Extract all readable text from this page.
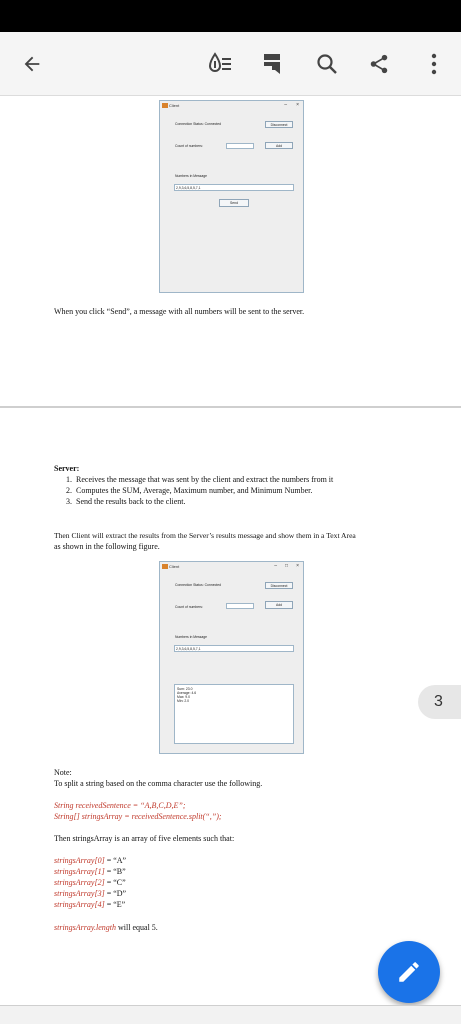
Client	– ×
Connection Status: Connected	Disconnect
Count of numbers:	Add
Numbers in Message
2,9,3,6,5,8,5,7,1
Send
When you click “Send”, a message with all numbers will be sent to the server.
Server:
1.  Receives the message that was sent by the client and extract the numbers from it
2.  Computes the SUM, Average, Maximum number, and Minimum Number.
3.  Send the results back to the client.
Then Client will extract the results from the Server’s results message and show them in a Text Area
as shown in the following figure.
Client	– □ ×
Connection Status: Connected	Disconnect
Count of numbers:	Add
Numbers in Message
2,9,3,6,5,8,5,7,1
Sum: 23.0
Average: 4.6
Max: 9.0
Min: 2.0
Note:
To split a string based on the comma character use the following.
String receivedSentence = “A,B,C,D,E”;
String[] stringsArray = receivedSentence.split(“,”);
Then stringsArray is an array of five elements such that:
stringsArray[0] = “A”
stringsArray[1] = “B”
stringsArray[2] = “C”
stringsArray[3] = “D”
stringsArray[4] = “E”
stringsArray.length will equal 5.
3
